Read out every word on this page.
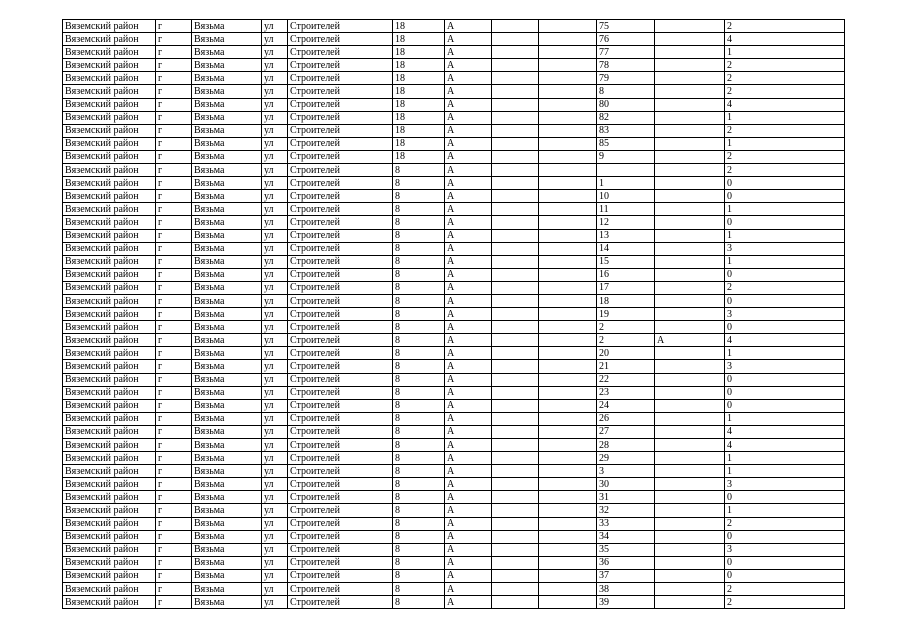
Вяземский район	г	Вязьма	ул	Строителей	18	А			75		2
Вяземский район	г	Вязьма	ул	Строителей	18	А			76		4
Вяземский район	г	Вязьма	ул	Строителей	18	А			77		1
Вяземский район	г	Вязьма	ул	Строителей	18	А			78		2
Вяземский район	г	Вязьма	ул	Строителей	18	А			79		2
Вяземский район	г	Вязьма	ул	Строителей	18	А			8		2
Вяземский район	г	Вязьма	ул	Строителей	18	А			80		4
Вяземский район	г	Вязьма	ул	Строителей	18	А			82		1
Вяземский район	г	Вязьма	ул	Строителей	18	А			83		2
Вяземский район	г	Вязьма	ул	Строителей	18	А			85		1
Вяземский район	г	Вязьма	ул	Строителей	18	А			9		2
Вяземский район	г	Вязьма	ул	Строителей	8	А					2
Вяземский район	г	Вязьма	ул	Строителей	8	А			1		0
Вяземский район	г	Вязьма	ул	Строителей	8	А			10		0
Вяземский район	г	Вязьма	ул	Строителей	8	А			11		1
Вяземский район	г	Вязьма	ул	Строителей	8	А			12		0
Вяземский район	г	Вязьма	ул	Строителей	8	А			13		1
Вяземский район	г	Вязьма	ул	Строителей	8	А			14		3
Вяземский район	г	Вязьма	ул	Строителей	8	А			15		1
Вяземский район	г	Вязьма	ул	Строителей	8	А			16		0
Вяземский район	г	Вязьма	ул	Строителей	8	А			17		2
Вяземский район	г	Вязьма	ул	Строителей	8	А			18		0
Вяземский район	г	Вязьма	ул	Строителей	8	А			19		3
Вяземский район	г	Вязьма	ул	Строителей	8	А			2		0
Вяземский район	г	Вязьма	ул	Строителей	8	А			2	А	4
Вяземский район	г	Вязьма	ул	Строителей	8	А			20		1
Вяземский район	г	Вязьма	ул	Строителей	8	А			21		3
Вяземский район	г	Вязьма	ул	Строителей	8	А			22		0
Вяземский район	г	Вязьма	ул	Строителей	8	А			23		0
Вяземский район	г	Вязьма	ул	Строителей	8	А			24		0
Вяземский район	г	Вязьма	ул	Строителей	8	А			26		1
Вяземский район	г	Вязьма	ул	Строителей	8	А			27		4
Вяземский район	г	Вязьма	ул	Строителей	8	А			28		4
Вяземский район	г	Вязьма	ул	Строителей	8	А			29		1
Вяземский район	г	Вязьма	ул	Строителей	8	А			3		1
Вяземский район	г	Вязьма	ул	Строителей	8	А			30		3
Вяземский район	г	Вязьма	ул	Строителей	8	А			31		0
Вяземский район	г	Вязьма	ул	Строителей	8	А			32		1
Вяземский район	г	Вязьма	ул	Строителей	8	А			33		2
Вяземский район	г	Вязьма	ул	Строителей	8	А			34		0
Вяземский район	г	Вязьма	ул	Строителей	8	А			35		3
Вяземский район	г	Вязьма	ул	Строителей	8	А			36		0
Вяземский район	г	Вязьма	ул	Строителей	8	А			37		0
Вяземский район	г	Вязьма	ул	Строителей	8	А			38		2
Вяземский район	г	Вязьма	ул	Строителей	8	А			39		2
